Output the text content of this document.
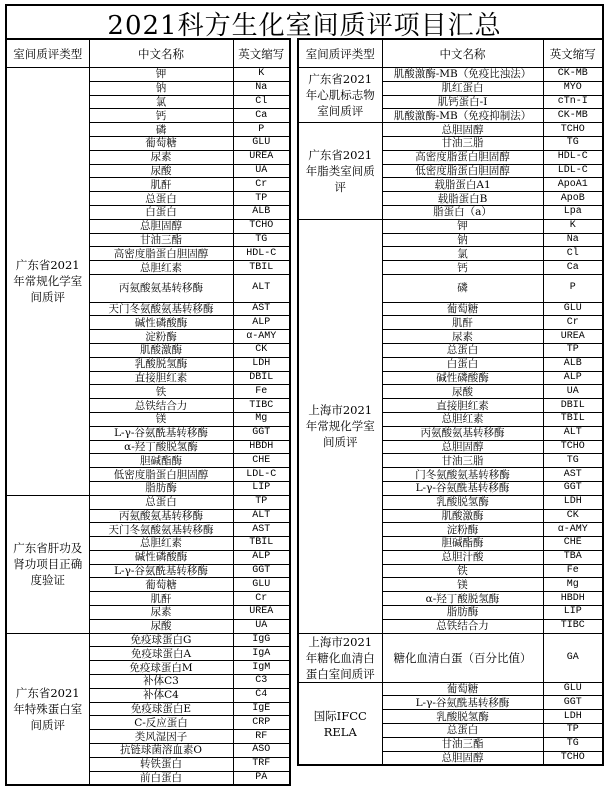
2021科方生化室间质评项目汇总
室间质评类型	中文名称	英文缩写
广东省2021年常规化学室间质评	钾	K
	钠	Na
	氯	Cl
	钙	Ca
	磷	P
	葡萄糖	GLU
	尿素	UREA
	尿酸	UA
	肌酐	Cr
	总蛋白	TP
	白蛋白	ALB
	总胆固醇	TCHO
	甘油三酯	TG
	高密度脂蛋白胆固醇	HDL-C
	总胆红素	TBIL
	丙氨酸氨基转移酶	ALT
	天门冬氨酸氨基转移酶	AST
	碱性磷酸酶	ALP
	淀粉酶	α-AMY
	肌酸激酶	CK
	乳酸脱氢酶	LDH
	直接胆红素	DBIL
	铁	Fe
	总铁结合力	TIBC
	镁	Mg
	L-γ-谷氨酰基转移酶	GGT
	α-羟丁酸脱氢酶	HBDH
	胆碱酯酶	CHE
	低密度脂蛋白胆固醇	LDL-C
	脂肪酶	LIP
广东省肝功及肾功项目正确度验证	总蛋白	TP
	丙氨酸氨基转移酶	ALT
	天门冬氨酸氨基转移酶	AST
	总胆红素	TBIL
	碱性磷酸酶	ALP
	L-γ-谷氨酰基转移酶	GGT
	葡萄糖	GLU
	肌酐	Cr
	尿素	UREA
	尿酸	UA
广东省2021年特殊蛋白室间质评	免疫球蛋白G	IgG
	免疫球蛋白A	IgA
	免疫球蛋白M	IgM
	补体C3	C3
	补体C4	C4
	免疫球蛋白E	IgE
	C-反应蛋白	CRP
	类风湿因子	RF
	抗链球菌溶血素O	ASO
	转铁蛋白	TRF
	前白蛋白	PA
室间质评类型	中文名称	英文缩写
广东省2021年心肌标志物室间质评	肌酸激酶-MB（免疫比浊法）	CK-MB
	肌红蛋白	MYO
	肌钙蛋白-I	cTn-I
	肌酸激酶-MB（免疫抑制法）	CK-MB
广东省2021年脂类室间质评	总胆固醇	TCHO
	甘油三脂	TG
	高密度脂蛋白胆固醇	HDL-C
	低密度脂蛋白胆固醇	LDL-C
	载脂蛋白A1	ApoA1
	载脂蛋白B	ApoB
	脂蛋白（a）	Lpa
上海市2021年常规化学室间质评	钾	K
	钠	Na
	氯	Cl
	钙	Ca
	磷	P
	葡萄糖	GLU
	肌酐	Cr
	尿素	UREA
	总蛋白	TP
	白蛋白	ALB
	碱性磷酸酶	ALP
	尿酸	UA
	直接胆红素	DBIL
	总胆红素	TBIL
	丙氨酸氨基转移酶	ALT
	总胆固醇	TCHO
	甘油三脂	TG
	门冬氨酸氨基转移酶	AST
	L-γ-谷氨酰基转移酶	GGT
	乳酸脱氢酶	LDH
	肌酸激酶	CK
	淀粉酶	α-AMY
	胆碱酯酶	CHE
	总胆汁酸	TBA
	铁	Fe
	镁	Mg
	α-羟丁酸脱氢酶	HBDH
	脂肪酶	LIP
	总铁结合力	TIBC
上海市2021年糖化血清白蛋白室间质评	糖化血清白蛋（百分比值）	GA
国际IFCC RELA	葡萄糖	GLU
	L-γ-谷氨酰基转移酶	GGT
	乳酸脱氢酶	LDH
	总蛋白	TP
	甘油三酯	TG
	总胆固醇	TCHO
